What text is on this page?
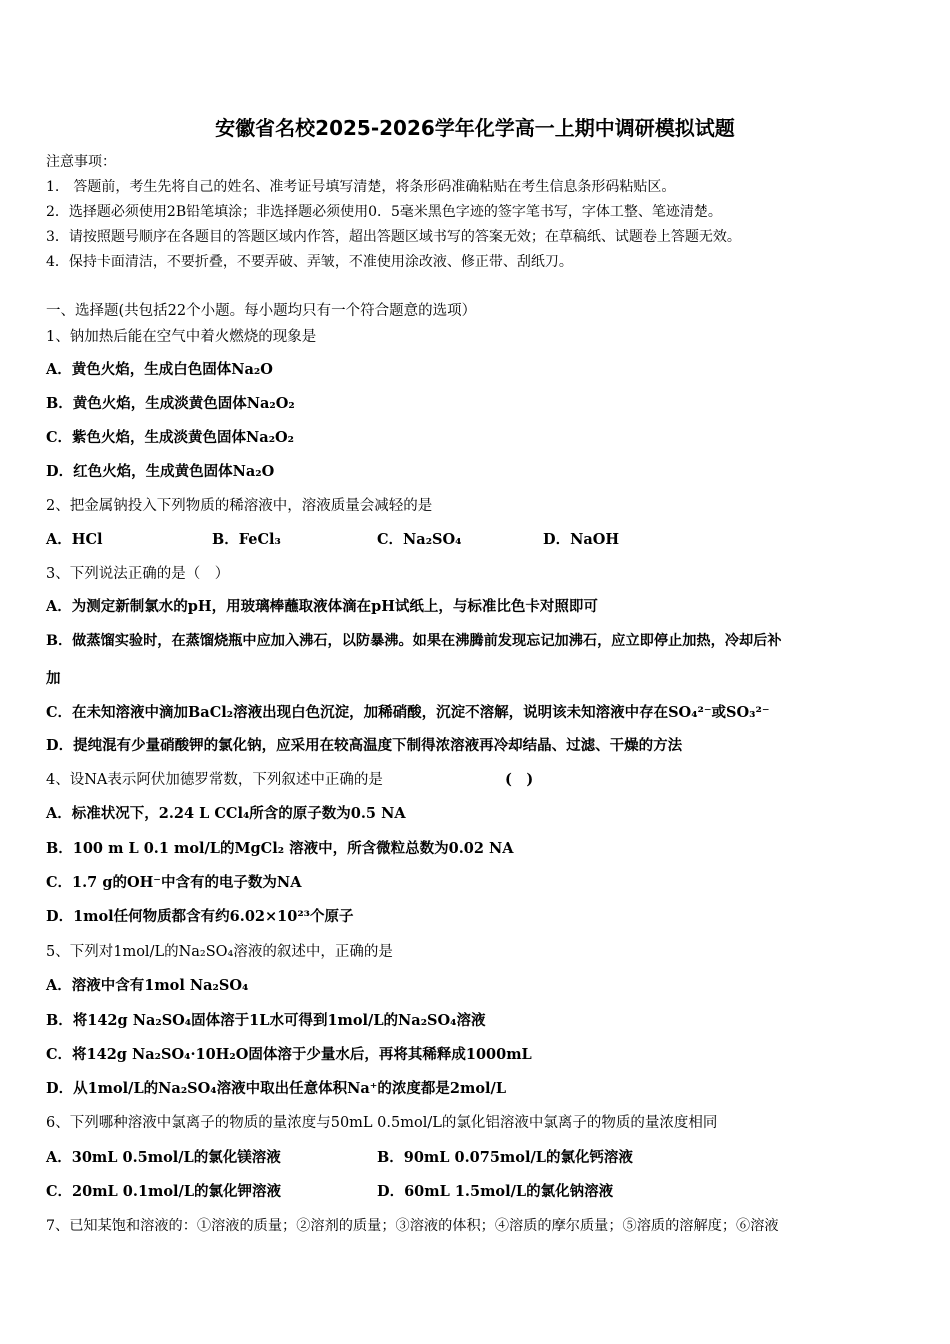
安徽省名校2025-2026学年化学高一上期中调研模拟试题
注意事项：
1.　答题前，考生先将自己的姓名、准考证号填写清楚，将条形码准确粘贴在考生信息条形码粘贴区。
2．选择题必须使用2B铅笔填涂；非选择题必须使用0．5毫米黑色字迹的签字笔书写，字体工整、笔迹清楚。
3．请按照题号顺序在各题目的答题区域内作答，超出答题区域书写的答案无效；在草稿纸、试题卷上答题无效。
4．保持卡面清洁，不要折叠，不要弄破、弄皱，不准使用涂改液、修正带、刮纸刀。
一、选择题(共包括22个小题。每小题均只有一个符合题意的选项）
1、钠加热后能在空气中着火燃烧的现象是
A．黄色火焰，生成白色固体Na₂O
B．黄色火焰，生成淡黄色固体Na₂O₂
C．紫色火焰，生成淡黄色固体Na₂O₂
D．红色火焰，生成黄色固体Na₂O
2、把金属钠投入下列物质的稀溶液中，溶液质量会减轻的是
A．HCl	B．FeCl₃	C．Na₂SO₄	D．NaOH
3、下列说法正确的是（　）
A．为测定新制氯水的pH，用玻璃棒蘸取液体滴在pH试纸上，与标准比色卡对照即可
B．做蒸馏实验时，在蒸馏烧瓶中应加入沸石，以防暴沸。如果在沸腾前发现忘记加沸石，应立即停止加热，冷却后补
加
C．在未知溶液中滴加BaCl₂溶液出现白色沉淀，加稀硝酸，沉淀不溶解，说明该未知溶液中存在SO₄²⁻或SO₃²⁻
D．提纯混有少量硝酸钾的氯化钠，应采用在较高温度下制得浓溶液再冷却结晶、过滤、干燥的方法
4、设NA表示阿伏加德罗常数，下列叙述中正确的是	(　)
A．标准状况下，2.24 L CCl₄所含的原子数为0.5 NA
B．100 m L 0.1 mol/L的MgCl₂ 溶液中，所含微粒总数为0.02 NA
C．1.7 g的OH⁻中含有的电子数为NA
D．1mol任何物质都含有约6.02×10²³个原子
5、下列对1mol/L的Na₂SO₄溶液的叙述中，正确的是
A．溶液中含有1mol Na₂SO₄
B．将142g Na₂SO₄固体溶于1L水可得到1mol/L的Na₂SO₄溶液
C．将142g Na₂SO₄·10H₂O固体溶于少量水后，再将其稀释成1000mL
D．从1mol/L的Na₂SO₄溶液中取出任意体积Na⁺的浓度都是2mol/L
6、下列哪种溶液中氯离子的物质的量浓度与50mL 0.5mol/L的氯化铝溶液中氯离子的物质的量浓度相同
A．30mL 0.5mol/L的氯化镁溶液	B．90mL 0.075mol/L的氯化钙溶液
C．20mL 0.1mol/L的氯化钾溶液	D．60mL 1.5mol/L的氯化钠溶液
7、已知某饱和溶液的：①溶液的质量；②溶剂的质量；③溶液的体积；④溶质的摩尔质量；⑤溶质的溶解度；⑥溶液
